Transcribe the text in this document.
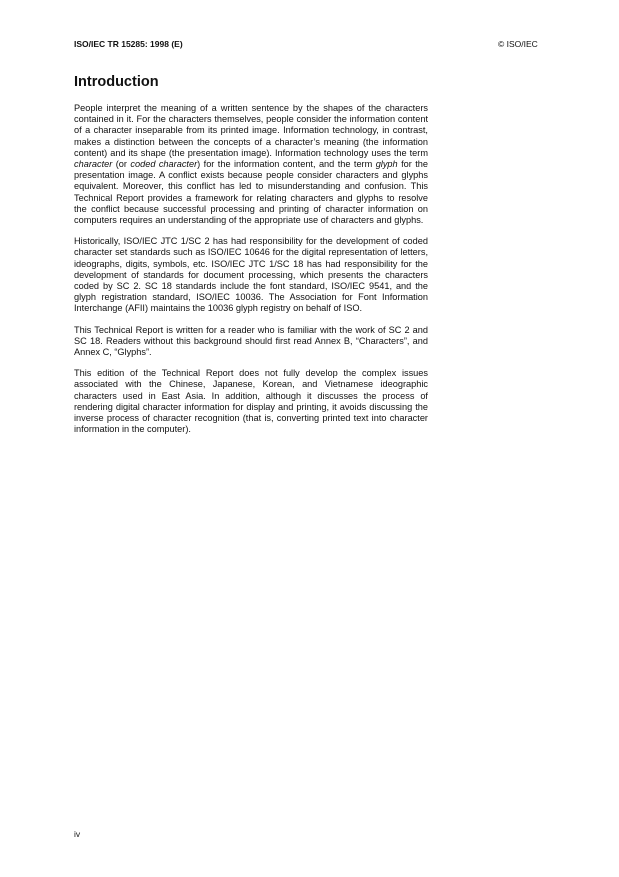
ISO/IEC TR 15285: 1998 (E)	© ISO/IEC
Introduction

People interpret the meaning of a written sentence by the shapes of the characters contained in it. For the characters themselves, people consider the information content of a character inseparable from its printed image. Information technology, in contrast, makes a distinction between the concepts of a character’s meaning (the information content) and its shape (the presentation image). Information technology uses the term character (or coded character) for the information content, and the term glyph for the presentation image. A conflict exists because people consider characters and glyphs equivalent. Moreover, this conflict has led to misunderstanding and confusion. This Technical Report provides a framework for relating characters and glyphs to resolve the conflict because successful processing and printing of character information on computers requires an understanding of the appropriate use of characters and glyphs.

Historically, ISO/IEC JTC 1/SC 2 has had responsibility for the development of coded character set standards such as ISO/IEC 10646 for the digital representation of letters, ideographs, digits, symbols, etc. ISO/IEC JTC 1/SC 18 has had responsibility for the development of standards for document processing, which presents the characters coded by SC 2. SC 18 standards include the font standard, ISO/IEC 9541, and the glyph registration standard, ISO/IEC 10036. The Association for Font Information Interchange (AFII) maintains the 10036 glyph registry on behalf of ISO.

This Technical Report is written for a reader who is familiar with the work of SC 2 and SC 18. Readers without this background should first read Annex B, “Characters”, and Annex C, “Glyphs”.

This edition of the Technical Report does not fully develop the complex issues associated with the Chinese, Japanese, Korean, and Vietnamese ideographic characters used in East Asia. In addition, although it discusses the process of rendering digital character information for display and printing, it avoids discussing the inverse process of character recognition (that is, converting printed text into character information in the computer).

iv
